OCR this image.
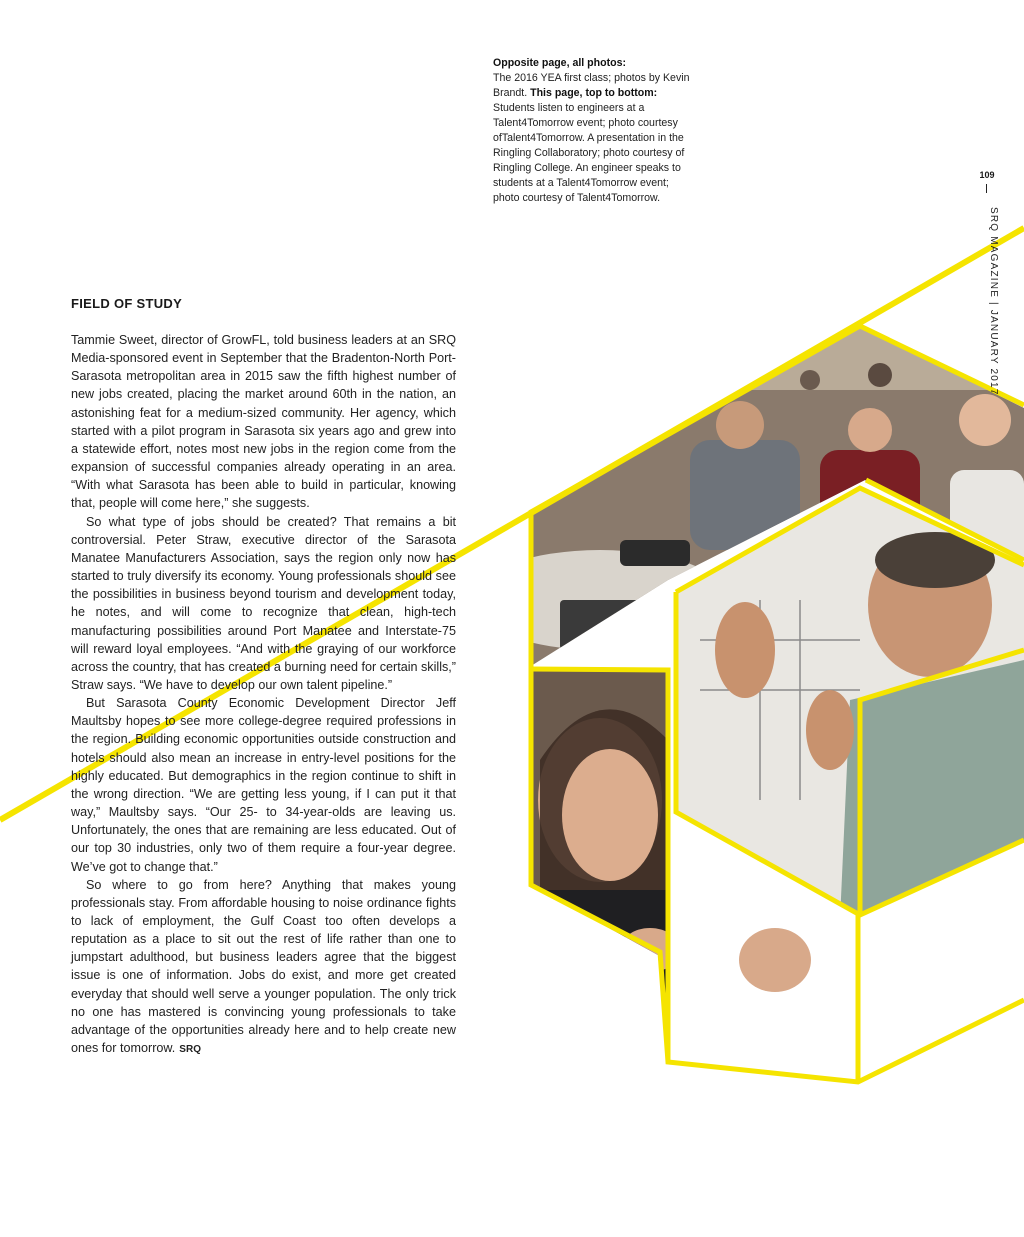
Opposite page, all photos:
The 2016 YEA first class; photos by Kevin Brandt. This page, top to bottom: Students listen to engineers at a Talent4Tomorrow event; photo courtesy ofTalent4Tomorrow. A presentation in the Ringling Collaboratory; photo courtesy of Ringling College. An engineer speaks to students at a Talent4Tomorrow event; photo courtesy of Talent4Tomorrow.
109
SRQ MAGAZINE | JANUARY 2017
FIELD OF STUDY

Tammie Sweet, director of GrowFL, told business leaders at an SRQ Media-sponsored event in September that the Bradenton-North Port-Sarasota metropolitan area in 2015 saw the fifth highest number of new jobs created, placing the market around 60th in the nation, an astonishing feat for a medium-sized community. Her agency, which started with a pilot program in Sarasota six years ago and grew into a statewide effort, notes most new jobs in the region come from the expansion of successful companies already operating in an area. “With what Sarasota has been able to build in particular, knowing that, people will come here,” she suggests.

So what type of jobs should be created? That remains a bit controversial. Peter Straw, executive director of the Sarasota Manatee Manufacturers Association, says the region only now has started to truly diversify its economy. Young professionals should see the possibilities in business beyond tourism and development today, he notes, and will come to recognize that clean, high-tech manufacturing possibilities around Port Manatee and Interstate-75 will reward loyal employees. “And with the graying of our workforce across the country, that has created a burning need for certain skills,” Straw says. “We have to develop our own talent pipeline.”

But Sarasota County Economic Development Director Jeff Maultsby hopes to see more college-degree required professions in the region. Building economic opportunities outside construction and hotels should also mean an increase in entry-level positions for the highly educated. But demographics in the region continue to shift in the wrong direction. “We are getting less young, if I can put it that way,” Maultsby says. “Our 25- to 34-year-olds are leaving us. Unfortunately, the ones that are remaining are less educated. Out of our top 30 industries, only two of them require a four-year degree. We’ve got to change that.”

So where to go from here? Anything that makes young professionals stay. From affordable housing to noise ordinance fights to lack of employment, the Gulf Coast too often develops a reputation as a place to sit out the rest of life rather than one to jumpstart adulthood, but business leaders agree that the biggest issue is one of information. Jobs do exist, and more get created everyday that should well serve a younger population. The only trick no one has mastered is convincing young professionals to take advantage of the opportunities already here and to help create new ones for tomorrow. SRQ
